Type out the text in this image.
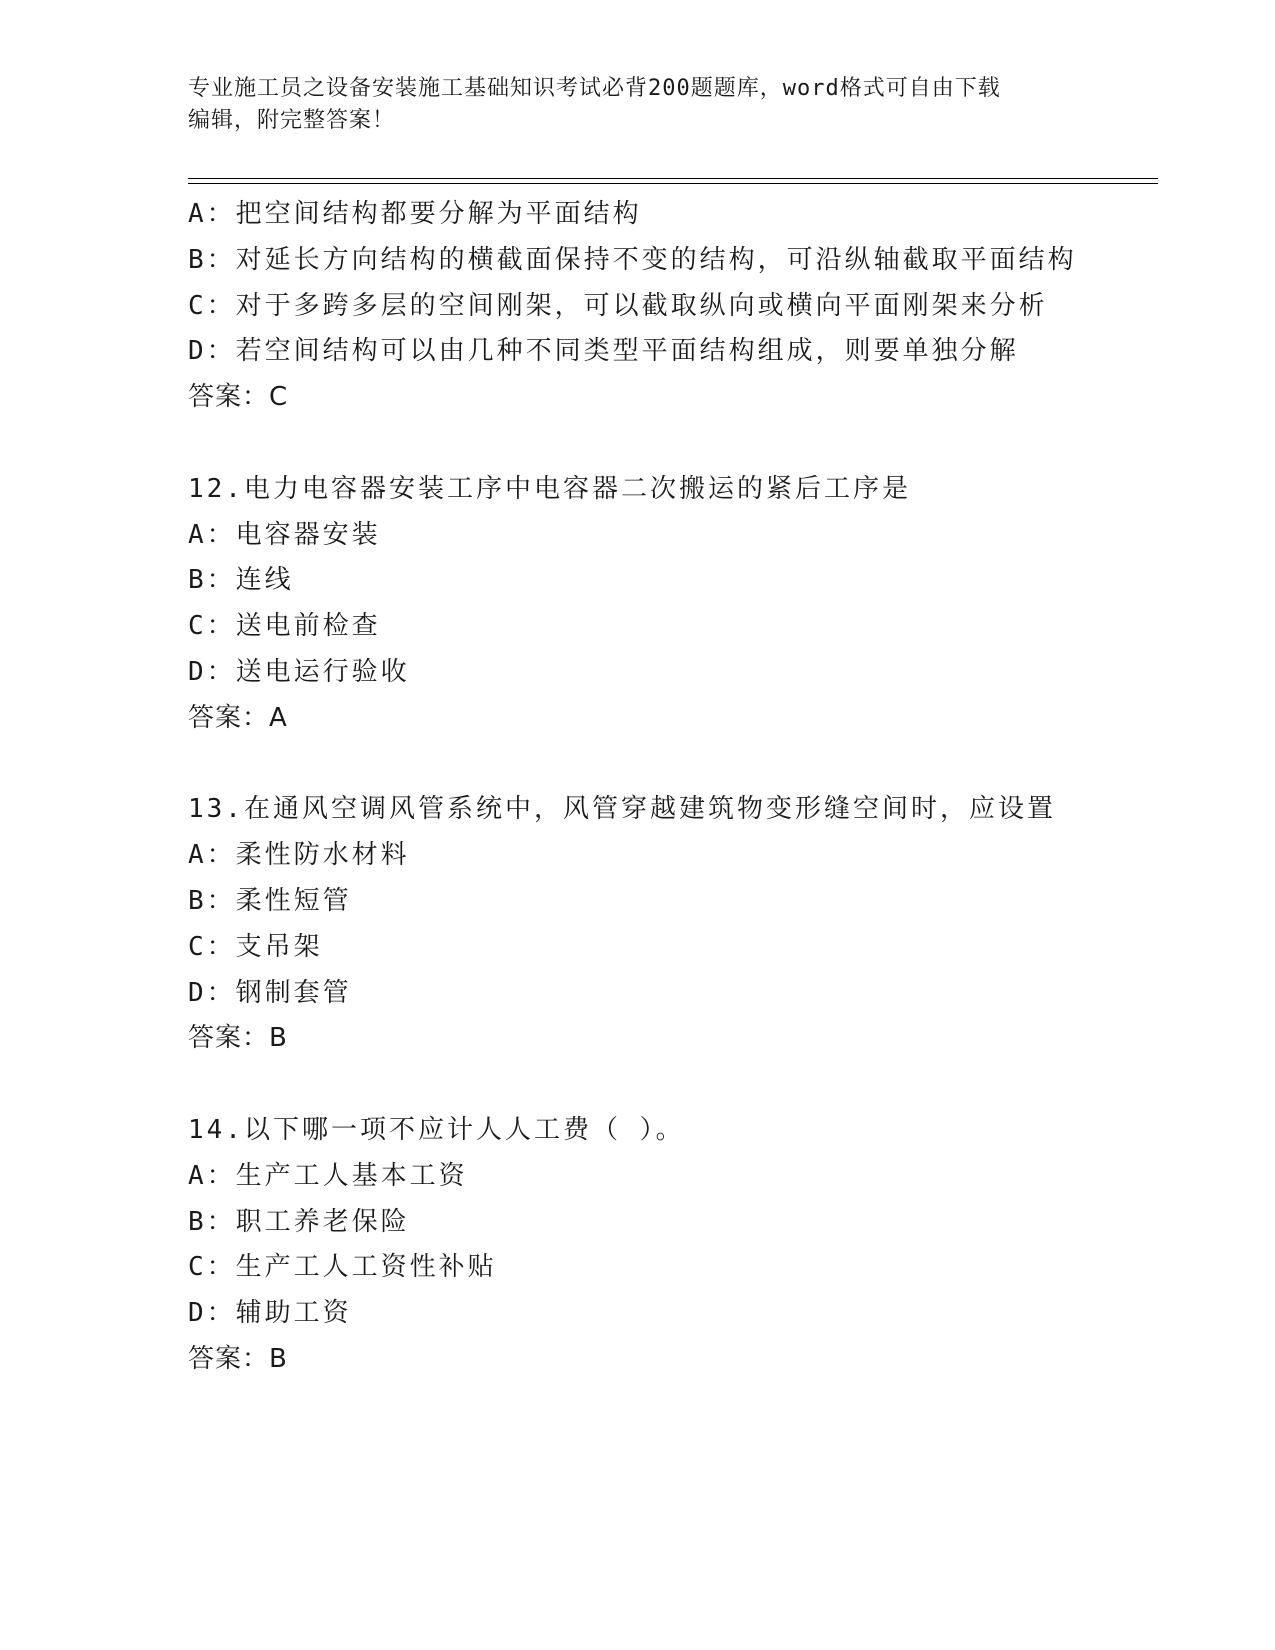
专业施工员之设备安装施工基础知识考试必背200题题库，word格式可自由下载
编辑，附完整答案！
A：把空间结构都要分解为平面结构
B：对延长方向结构的横截面保持不变的结构，可沿纵轴截取平面结构
C：对于多跨多层的空间刚架，可以截取纵向或横向平面刚架来分析
D：若空间结构可以由几种不同类型平面结构组成，则要单独分解
答案：C
12.电力电容器安装工序中电容器二次搬运的紧后工序是
A：电容器安装
B：连线
C：送电前检查
D：送电运行验收
答案：A
13.在通风空调风管系统中，风管穿越建筑物变形缝空间时，应设置
A：柔性防水材料
B：柔性短管
C：支吊架
D：钢制套管
答案：B
14.以下哪一项不应计人人工费（ ）。
A：生产工人基本工资
B：职工养老保险
C：生产工人工资性补贴
D：辅助工资
答案：B
